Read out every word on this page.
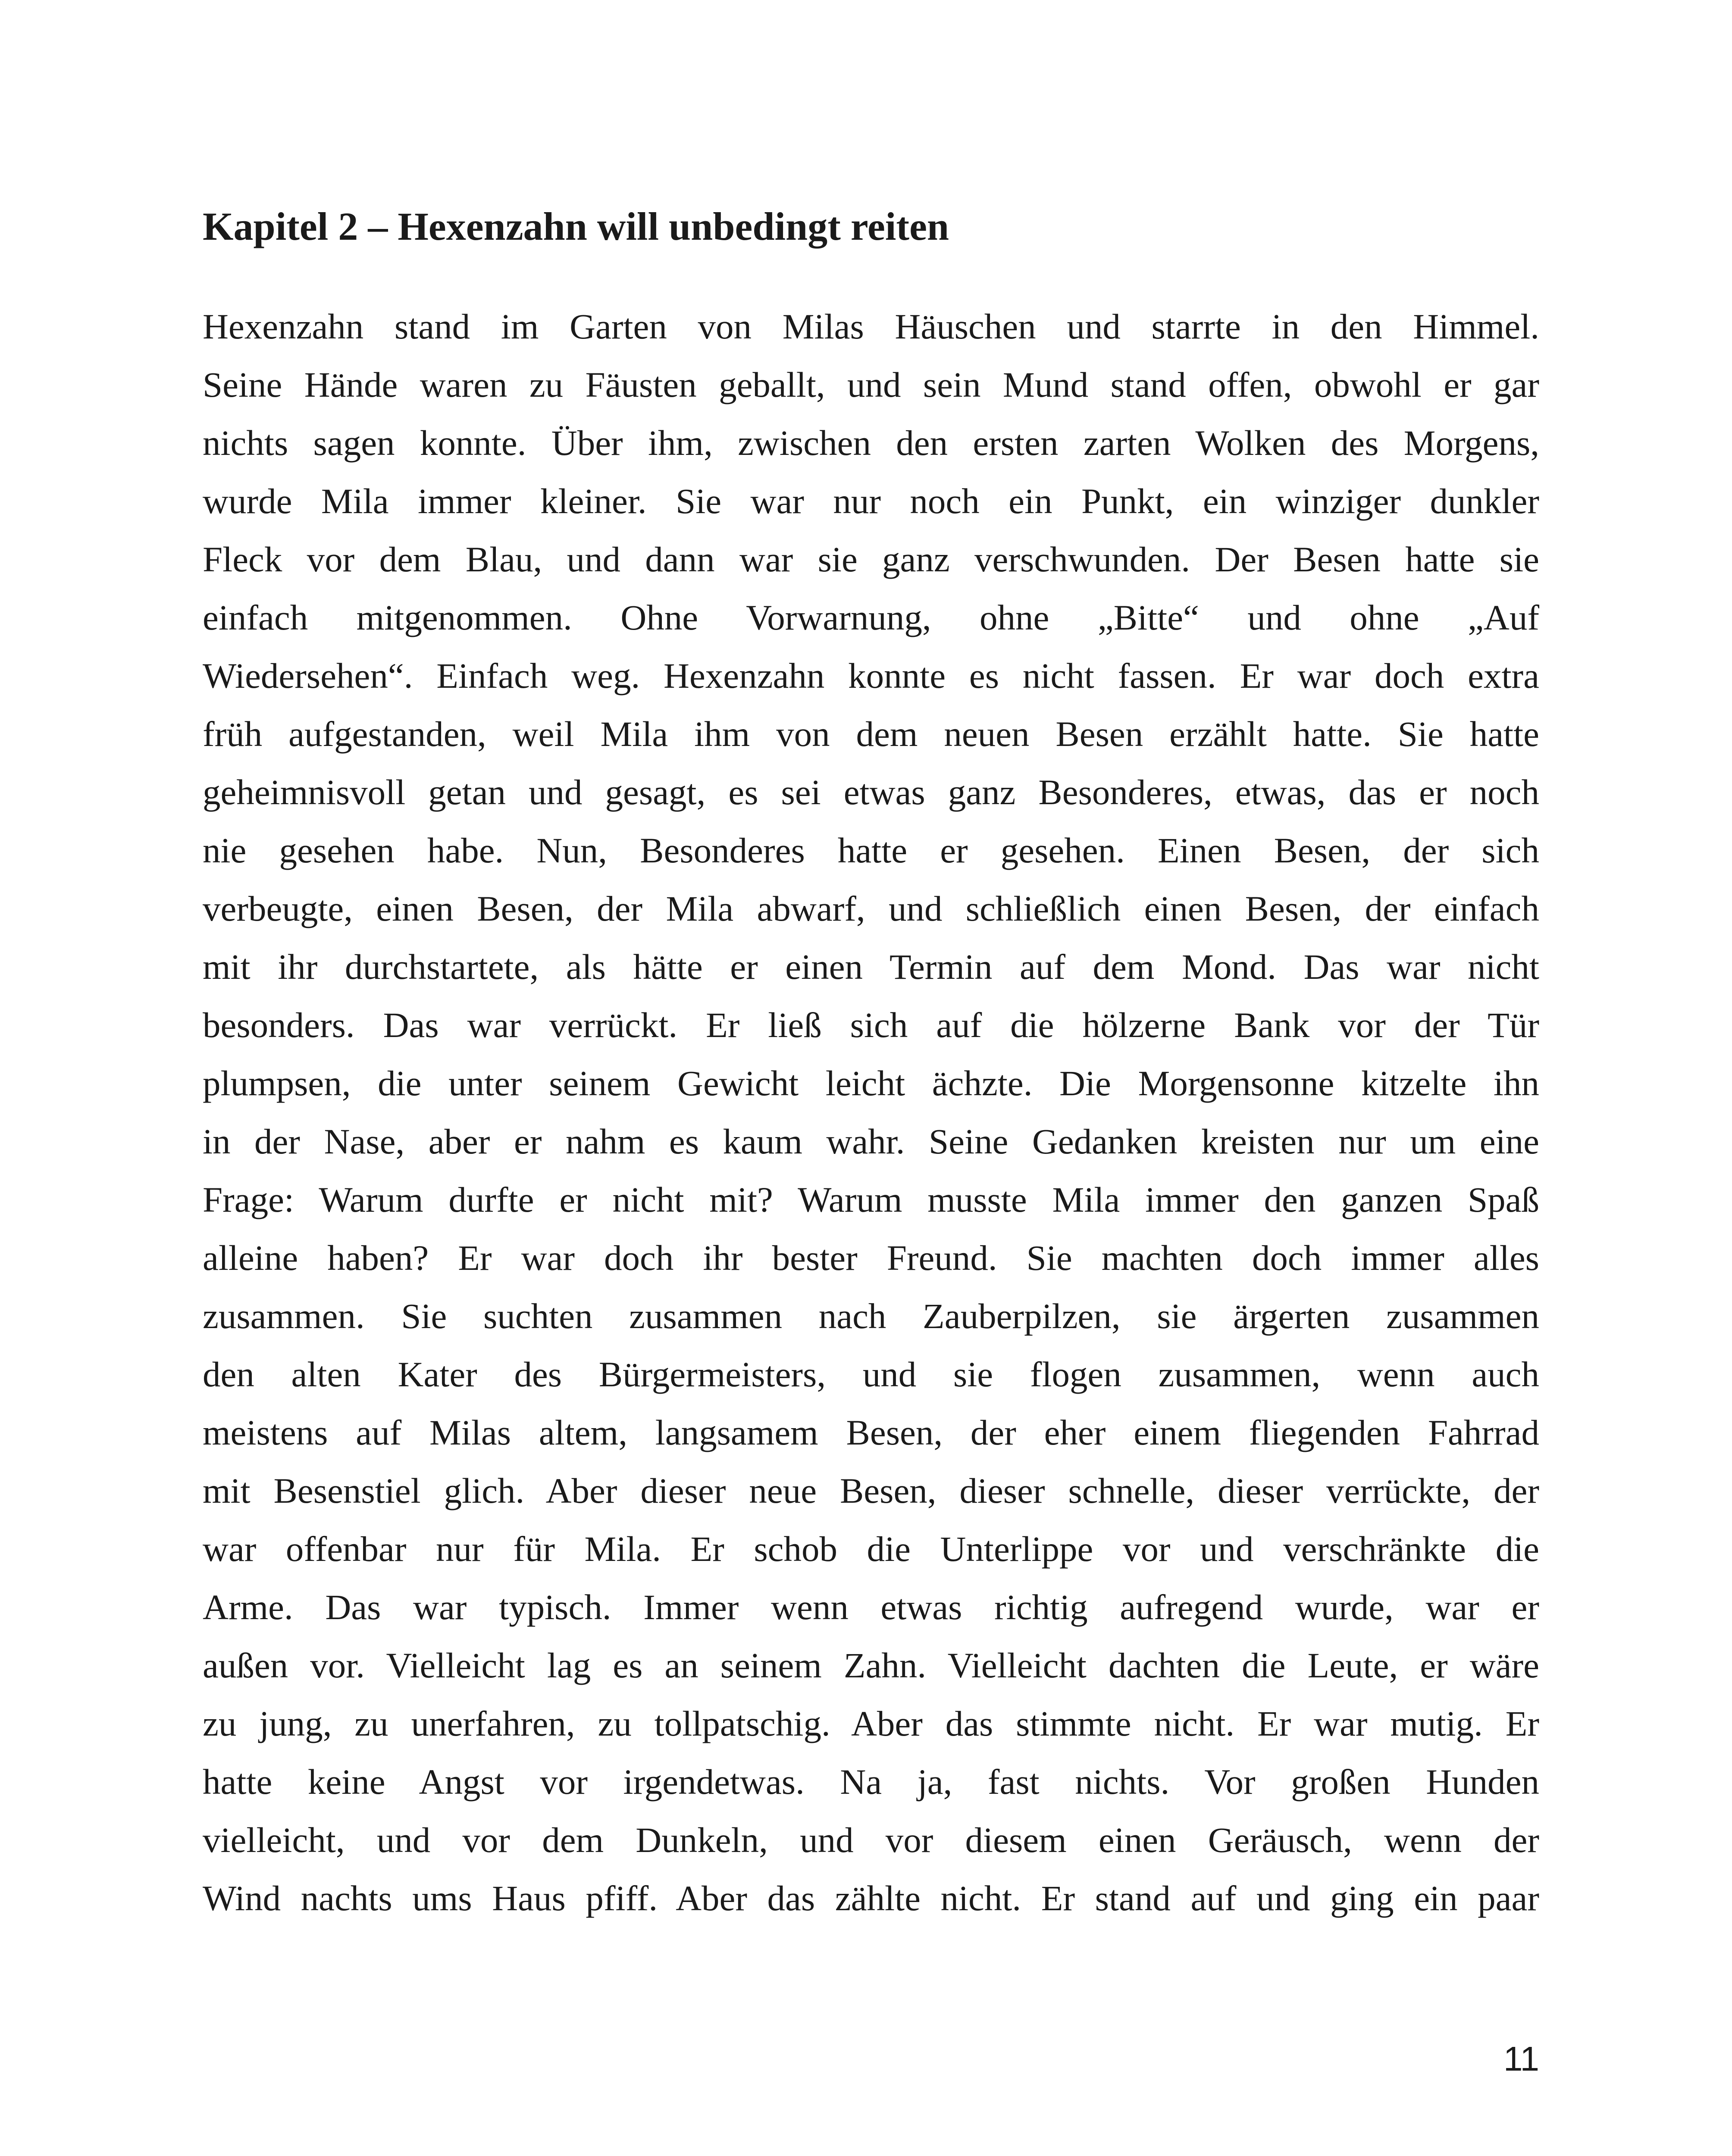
Kapitel 2 – Hexenzahn will unbedingt reiten
Hexenzahn stand im Garten von Milas Häuschen und starrte in den Himmel.
Seine Hände waren zu Fäusten geballt, und sein Mund stand offen, obwohl er gar
nichts sagen konnte. Über ihm, zwischen den ersten zarten Wolken des Morgens,
wurde Mila immer kleiner. Sie war nur noch ein Punkt, ein winziger dunkler
Fleck vor dem Blau, und dann war sie ganz verschwunden. Der Besen hatte sie
einfach mitgenommen. Ohne Vorwarnung, ohne „Bitte“ und ohne „Auf
Wiedersehen“. Einfach weg. Hexenzahn konnte es nicht fassen. Er war doch extra
früh aufgestanden, weil Mila ihm von dem neuen Besen erzählt hatte. Sie hatte
geheimnisvoll getan und gesagt, es sei etwas ganz Besonderes, etwas, das er noch
nie gesehen habe. Nun, Besonderes hatte er gesehen. Einen Besen, der sich
verbeugte, einen Besen, der Mila abwarf, und schließlich einen Besen, der einfach
mit ihr durchstartete, als hätte er einen Termin auf dem Mond. Das war nicht
besonders. Das war verrückt. Er ließ sich auf die hölzerne Bank vor der Tür
plumpsen, die unter seinem Gewicht leicht ächzte. Die Morgensonne kitzelte ihn
in der Nase, aber er nahm es kaum wahr. Seine Gedanken kreisten nur um eine
Frage: Warum durfte er nicht mit? Warum musste Mila immer den ganzen Spaß
alleine haben? Er war doch ihr bester Freund. Sie machten doch immer alles
zusammen. Sie suchten zusammen nach Zauberpilzen, sie ärgerten zusammen
den alten Kater des Bürgermeisters, und sie flogen zusammen, wenn auch
meistens auf Milas altem, langsamem Besen, der eher einem fliegenden Fahrrad
mit Besenstiel glich. Aber dieser neue Besen, dieser schnelle, dieser verrückte, der
war offenbar nur für Mila. Er schob die Unterlippe vor und verschränkte die
Arme. Das war typisch. Immer wenn etwas richtig aufregend wurde, war er
außen vor. Vielleicht lag es an seinem Zahn. Vielleicht dachten die Leute, er wäre
zu jung, zu unerfahren, zu tollpatschig. Aber das stimmte nicht. Er war mutig. Er
hatte keine Angst vor irgendetwas. Na ja, fast nichts. Vor großen Hunden
vielleicht, und vor dem Dunkeln, und vor diesem einen Geräusch, wenn der
Wind nachts ums Haus pfiff. Aber das zählte nicht. Er stand auf und ging ein paar
11
